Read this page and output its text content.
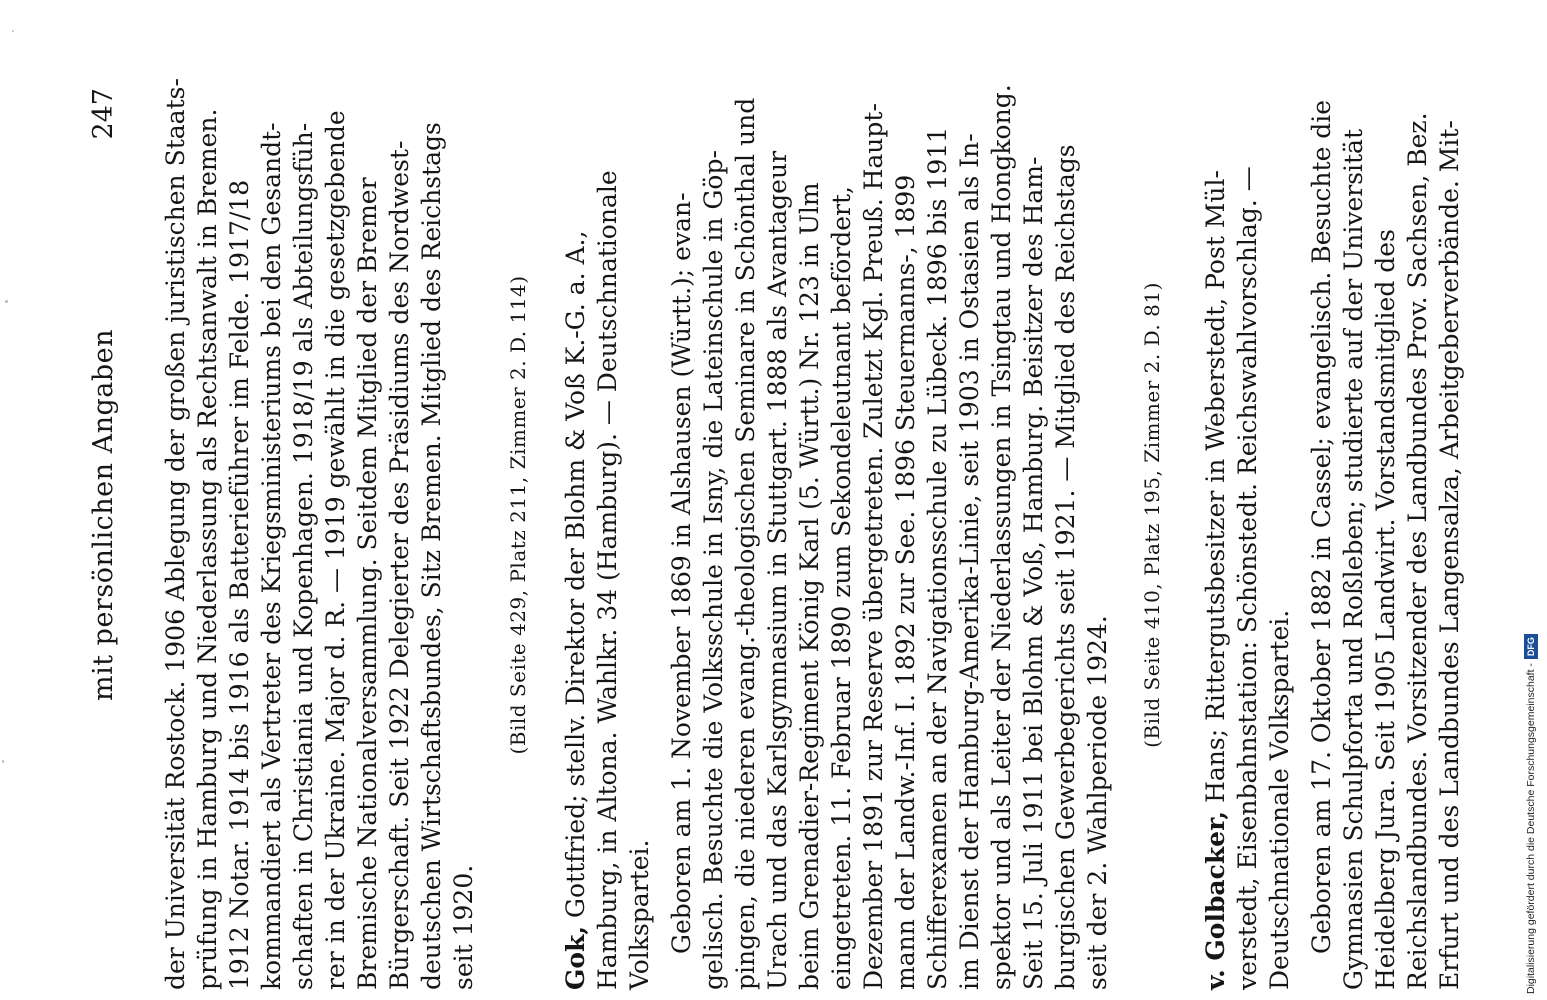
mit persönlichen Angaben
247 der Universität Rostock. 1906 Ablegung der großen juristischen Staats- prüfung in Hamburg und Niederlassung als Rechtsanwalt in Bremen. 1912 Notar. 1914 bis 1916 als Batterieführer im Felde. 1917/18 kommandiert als Vertreter des Kriegsministeriums bei den Gesandt- schaften in Christiania und Kopenhagen. 1918/19 als Abteilungsfüh- rer in der Ukraine. Major d. R. — 1919 gewählt in die gesetzgebende Bremische Nationalversammlung. Seitdem Mitglied der Bremer Bürgerschaft. Seit 1922 Delegierter des Präsidiums des Nordwest- deutschen Wirtschaftsbundes, Sitz Bremen. Mitglied des Reichstags seit 1920.

(Bild Seite 429, Platz 211, Zimmer 2. D. 114)

Gok, Gottfried; stellv. Direktor der Blohm & Voß K.-G. a. A., Hamburg, in Altona. Wahlkr. 34 (Hamburg). — Deutschnationale Volkspartei. Geboren am 1. November 1869 in Alshausen (Württ.); evan- gelisch. Besuchte die Volksschule in Isny, die Lateinschule in Göp- pingen, die niederen evang.-theologischen Seminare in Schönthal und Urach und das Karlsgymnasium in Stuttgart. 1888 als Avantageur beim Grenadier-Regiment König Karl (5. Württ.) Nr. 123 in Ulm eingetreten. 11. Februar 1890 zum Sekondeleutnant befördert, Dezember 1891 zur Reserve übergetreten. Zuletzt Kgl. Preuß. Haupt- mann der Landw.-Inf. I. 1892 zur See. 1896 Steuermanns-, 1899 Schifferexamen an der Navigationsschule zu Lübeck. 1896 bis 1911 im Dienst der Hamburg-Amerika-Linie, seit 1903 in Ostasien als In- spektor und als Leiter der Niederlassungen in Tsingtau und Hongkong. Seit 15. Juli 1911 bei Blohm & Voß, Hamburg. Beisitzer des Ham- burgischen Gewerbegerichts seit 1921. — Mitglied des Reichstags seit der 2. Wahlperiode 1924.

(Bild Seite 410, Platz 195, Zimmer 2. D. 81)

v. Golbacker, Hans; Rittergutsbesitzer in Weberstedt, Post Mül- verstedt, Eisenbahnstation: Schönstedt. Reichswahlvorschlag. — Deutschnationale Volkspartei. Geboren am 17. Oktober 1882 in Cassel; evangelisch. Besuchte die Gymnasien Schulpforta und Roßleben; studierte auf der Universität Heidelberg Jura. Seit 1905 Landwirt. Vorstandsmitglied des Reichslandbundes. Vorsitzender des Landbundes Prov. Sachsen, Bez. Erfurt und des Landbundes Langensalza, Arbeitgeberverbände. Mit-	Digitalisierung gefördert durch die Deutsche Forschungsgemeinschaft -DFG
